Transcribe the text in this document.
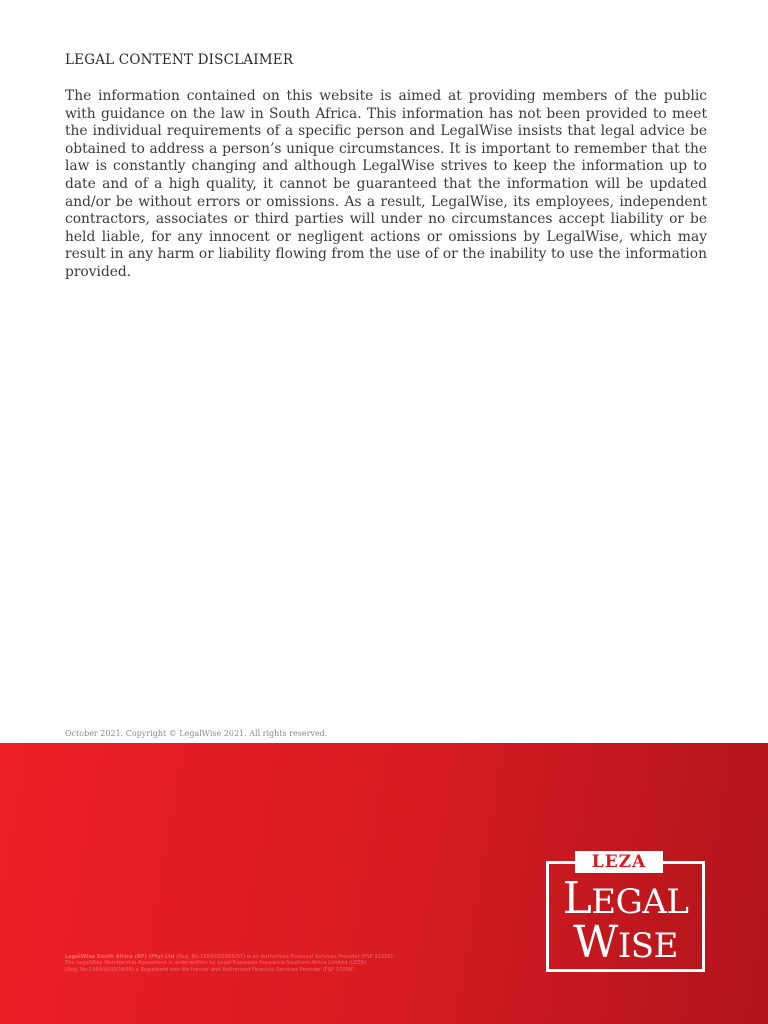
LEGAL CONTENT DISCLAIMER

The information contained on this website is aimed at providing members of the public with guidance on the law in South Africa. This information has not been provided to meet the individual requirements of a specific person and LegalWise insists that legal advice be obtained to address a person’s unique circumstances. It is important to remember that the law is constantly changing and although LegalWise strives to keep the information up to date and of a high quality, it cannot be guaranteed that the information will be updated and/or be without errors or omissions. As a result, LegalWise, its employees, independent contractors, associates or third parties will under no circumstances accept liability or be held liable, for any innocent or negligent actions or omissions by LegalWise, which may result in any harm or liability flowing from the use of or the inability to use the information provided.

October 2021. Copyright © LegalWise 2021. All rights reserved.

LegalWise South Africa (RF) (Pty) Ltd (Reg. No.1999/005805/07) is an Authorised Financial Services Provider (FSP 32256).
The LegalWise Membership Agreement is underwritten by Legal Expenses Insurance Southern Africa Limited (LEZA)
(Reg. No.1964/003974/06) a Registered non-life Insurer and Authorised Financial Services Provider (FSP 37058).

LEZA
LEGAL
WISE
